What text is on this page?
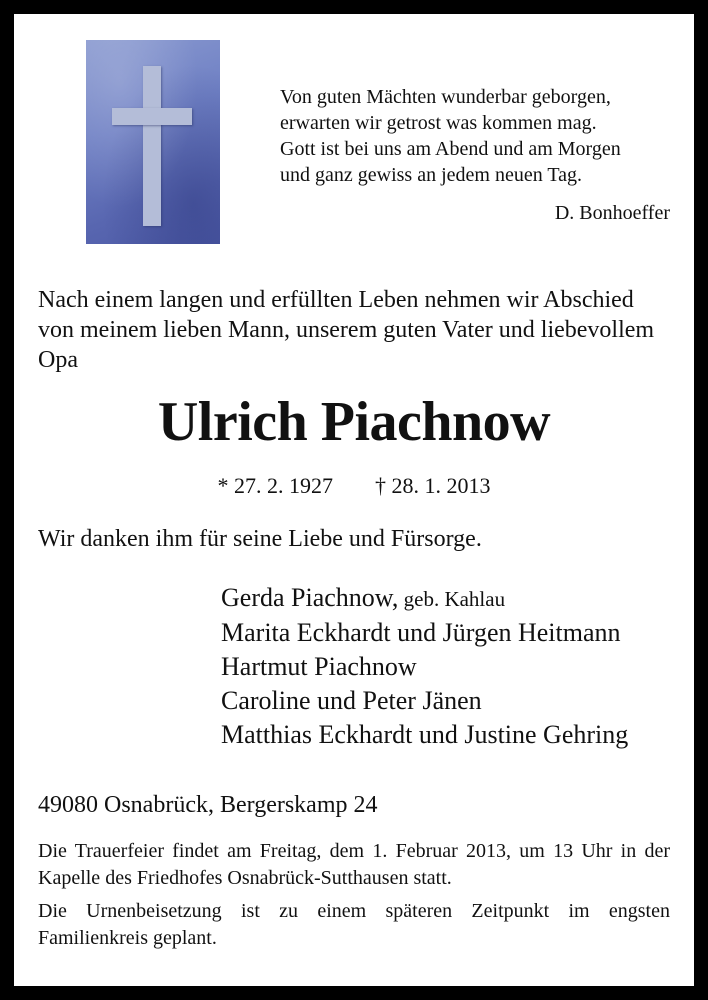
Von guten Mächten wunderbar geborgen,
erwarten wir getrost was kommen mag.
Gott ist bei uns am Abend und am Morgen
und ganz gewiss an jedem neuen Tag.
D. Bonhoeffer
Nach einem langen und erfüllten Leben nehmen wir Abschied
von meinem lieben Mann, unserem guten Vater und liebevollem
Opa
Ulrich Piachnow
* 27. 2. 1927 † 28. 1. 2013
Wir danken ihm für seine Liebe und Fürsorge.
Gerda Piachnow, geb. Kahlau
Marita Eckhardt und Jürgen Heitmann
Hartmut Piachnow
Caroline und Peter Jänen
Matthias Eckhardt und Justine Gehring
49080 Osnabrück, Bergerskamp 24
Die Trauerfeier findet am Freitag, dem 1. Februar 2013, um 13 Uhr in der Kapelle des Friedhofes Osnabrück-Sutthausen statt.
Die Urnenbeisetzung ist zu einem späteren Zeitpunkt im engsten Familienkreis geplant.
